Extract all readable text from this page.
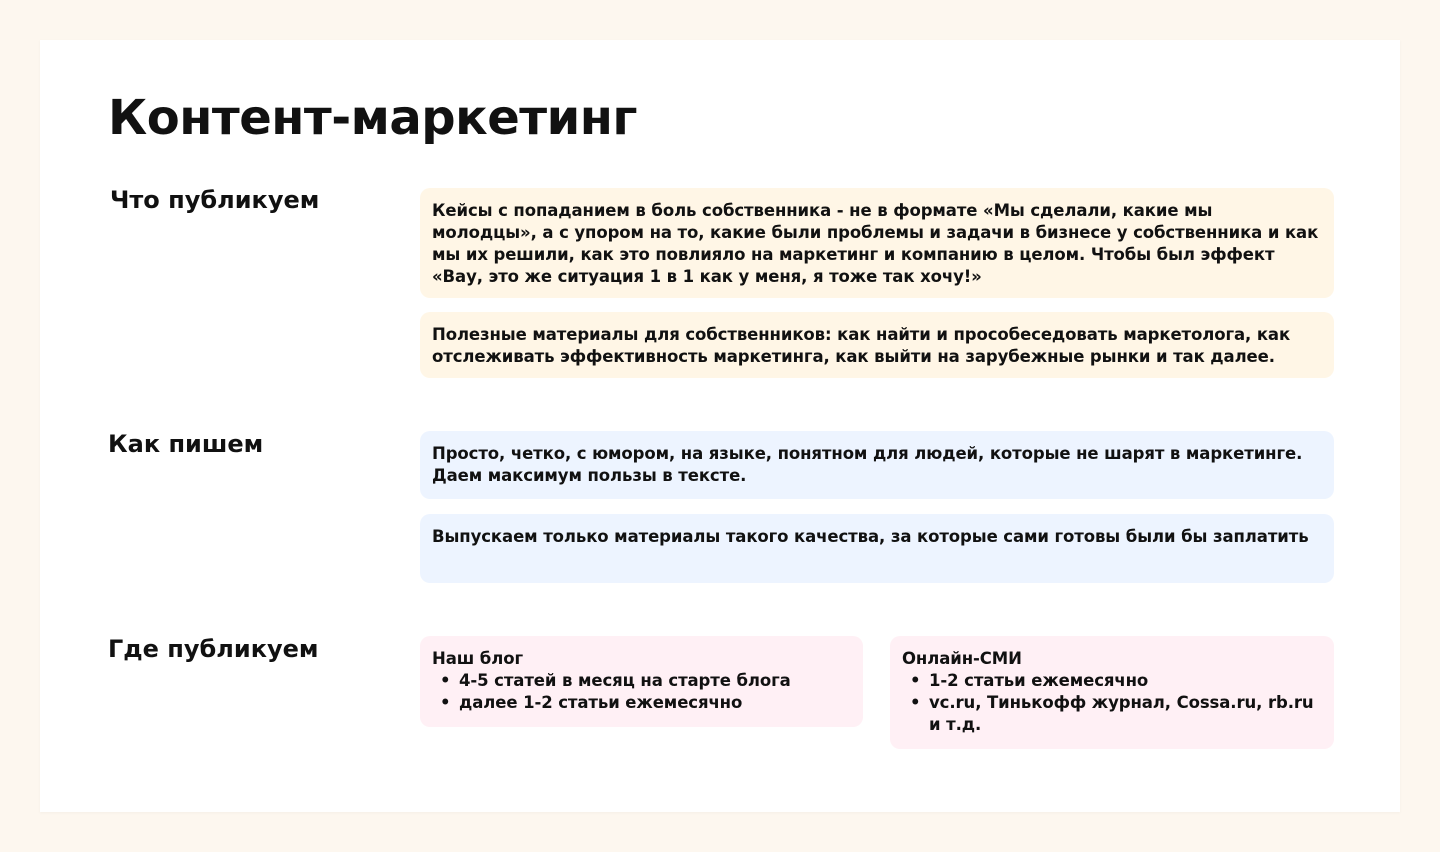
Контент-маркетинг
Что публикуем	Кейсы с попаданием в боль собственника - не в формате «Мы сделали, какие мы молодцы», а с упором на то, какие были проблемы и задачи в бизнесе у собственника и как мы их решили, как это повлияло на маркетинг и компанию в целом. Чтобы был эффект «Вау, это же ситуация 1 в 1 как у меня, я тоже так хочу!»

Полезные материалы для собственников: как найти и прособеседовать маркетолога, как отслеживать эффективность маркетинга, как выйти на зарубежные рынки и так далее.

Как пишем	Просто, четко, с юмором, на языке, понятном для людей, которые не шарят в маркетинге. Даем максимум пользы в тексте.

Выпускаем только материалы такого качества, за которые сами готовы были бы заплатить

Где публикуем	Наш блог
• 4-5 статей в месяц на старте блога
• далее 1-2 статьи ежемесячно
Онлайн-СМИ
• 1-2 статьи ежемесячно
• vc.ru, Тинькофф журнал, Cossa.ru, rb.ru и т.д.
